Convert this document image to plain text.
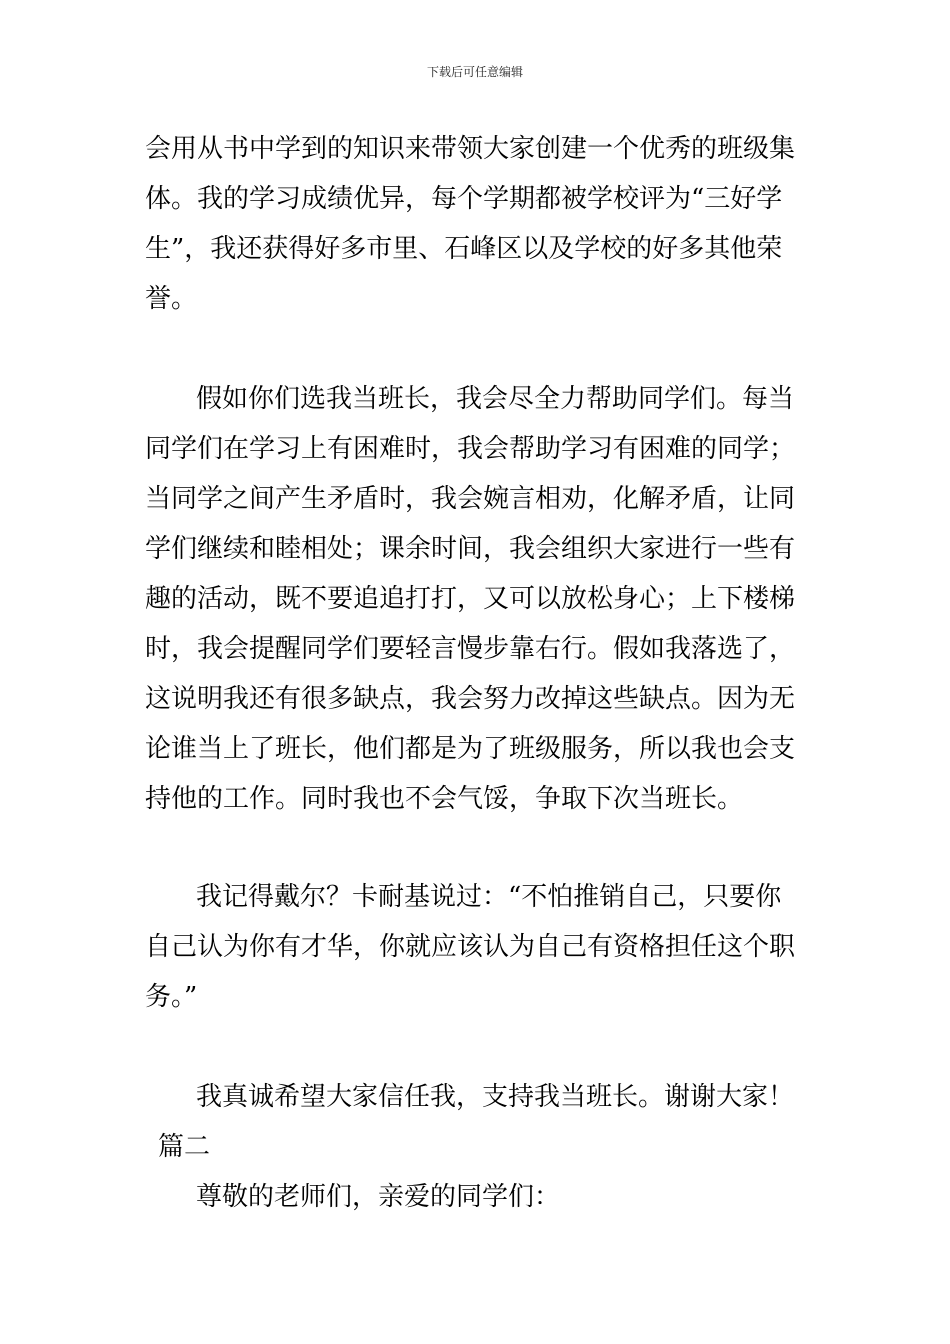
下载后可任意编辑
会用从书中学到的知识来带领大家创建一个优秀的班级集
体。我的学习成绩优异，每个学期都被学校评为“三好学
生”，我还获得好多市里、石峰区以及学校的好多其他荣
誉。
假如你们选我当班长，我会尽全力帮助同学们。每当
同学们在学习上有困难时，我会帮助学习有困难的同学；
当同学之间产生矛盾时，我会婉言相劝，化解矛盾，让同
学们继续和睦相处；课余时间，我会组织大家进行一些有
趣的活动，既不要追追打打，又可以放松身心；上下楼梯
时，我会提醒同学们要轻言慢步靠右行。假如我落选了，
这说明我还有很多缺点，我会努力改掉这些缺点。因为无
论谁当上了班长，他们都是为了班级服务，所以我也会支
持他的工作。同时我也不会气馁，争取下次当班长。
我记得戴尔？卡耐基说过：“不怕推销自己，只要你
自己认为你有才华，你就应该认为自己有资格担任这个职
务。”
我真诚希望大家信任我，支持我当班长。谢谢大家！
篇二
尊敬的老师们，亲爱的同学们：
